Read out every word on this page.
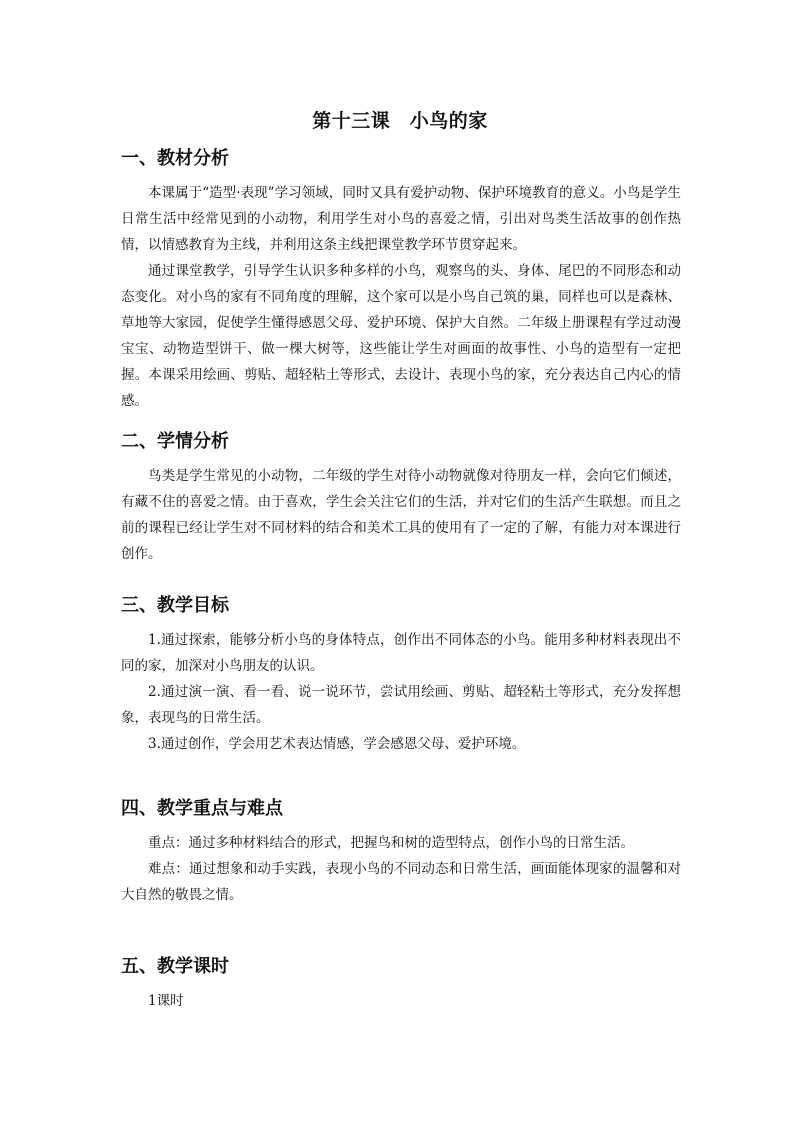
第十三课　小鸟的家
一、教材分析

本课属于“造型·表现”学习领域，同时又具有爱护动物、保护环境教育的意义。小鸟是学生日常生活中经常见到的小动物，利用学生对小鸟的喜爱之情，引出对鸟类生活故事的创作热情，以情感教育为主线，并利用这条主线把课堂教学环节贯穿起来。

通过课堂教学，引导学生认识多种多样的小鸟，观察鸟的头、身体、尾巴的不同形态和动态变化。对小鸟的家有不同角度的理解，这个家可以是小鸟自己筑的巢，同样也可以是森林、草地等大家园，促使学生懂得感恩父母、爱护环境、保护大自然。二年级上册课程有学过动漫宝宝、动物造型饼干、做一棵大树等，这些能让学生对画面的故事性、小鸟的造型有一定把握。本课采用绘画、剪贴、超轻粘土等形式，去设计、表现小鸟的家，充分表达自己内心的情感。

二、学情分析

鸟类是学生常见的小动物，二年级的学生对待小动物就像对待朋友一样，会向它们倾述，有藏不住的喜爱之情。由于喜欢，学生会关注它们的生活，并对它们的生活产生联想。而且之前的课程已经让学生对不同材料的结合和美术工具的使用有了一定的了解，有能力对本课进行创作。

三、教学目标

1.通过探索，能够分析小鸟的身体特点，创作出不同体态的小鸟。能用多种材料表现出不同的家，加深对小鸟朋友的认识。

2.通过演一演、看一看、说一说环节，尝试用绘画、剪贴、超轻粘土等形式，充分发挥想象，表现鸟的日常生活。

3.通过创作，学会用艺术表达情感，学会感恩父母、爱护环境。

四、教学重点与难点

重点：通过多种材料结合的形式，把握鸟和树的造型特点，创作小鸟的日常生活。

难点：通过想象和动手实践，表现小鸟的不同动态和日常生活，画面能体现家的温馨和对大自然的敬畏之情。

五、教学课时

1课时
